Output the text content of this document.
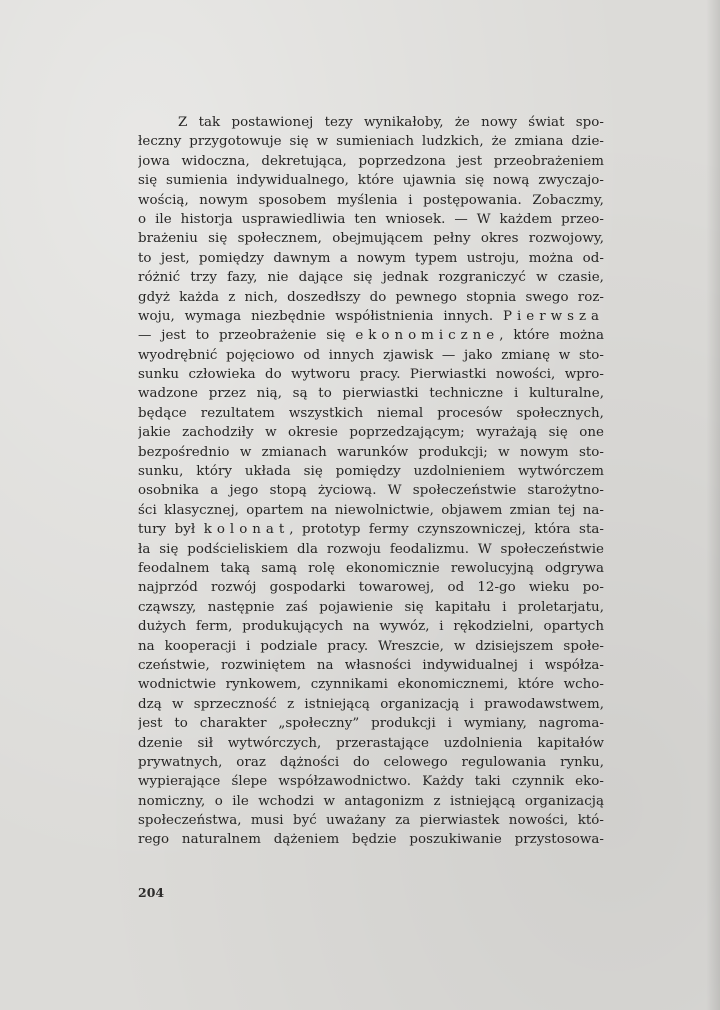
Z tak postawionej tezy wynikałoby, że nowy świat spo-
łeczny przygotowuje się w sumieniach ludzkich, że zmiana dzie-
jowa widoczna, dekretująca, poprzedzona jest przeobrażeniem
się sumienia indywidualnego, które ujawnia się nową zwyczajo-
wością, nowym sposobem myślenia i postępowania. Zobaczmy,
o ile historja usprawiedliwia ten wniosek. — W każdem przeo-
brażeniu się społecznem, obejmującem pełny okres rozwojowy,
to jest, pomiędzy dawnym a nowym typem ustroju, można od-
różnić trzy fazy, nie dające się jednak rozgraniczyć w czasie,
gdyż każda z nich, doszedłszy do pewnego stopnia swego roz-
woju, wymaga niezbędnie współistnienia innych. Pierwsza
— jest to przeobrażenie się ekonomiczne, które można
wyodrębnić pojęciowo od innych zjawisk — jako zmianę w sto-
sunku człowieka do wytworu pracy. Pierwiastki nowości, wpro-
wadzone przez nią, są to pierwiastki techniczne i kulturalne,
będące rezultatem wszystkich niemal procesów społecznych,
jakie zachodziły w okresie poprzedzającym; wyrażają się one
bezpośrednio w zmianach warunków produkcji; w nowym sto-
sunku, który układa się pomiędzy uzdolnieniem wytwórczem
osobnika a jego stopą życiową. W społeczeństwie starożytno-
ści klasycznej, opartem na niewolnictwie, objawem zmian tej na-
tury był kolonat, prototyp fermy czynszowniczej, która sta-
ła się podścieliskiem dla rozwoju feodalizmu. W społeczeństwie
feodalnem taką samą rolę ekonomicznie rewolucyjną odgrywa
najprzód rozwój gospodarki towarowej, od 12-go wieku po-
cząwszy, następnie zaś pojawienie się kapitału i proletarjatu,
dużych ferm, produkujących na wywóz, i rękodzielni, opartych
na kooperacji i podziale pracy. Wreszcie, w dzisiejszem społe-
czeństwie, rozwiniętem na własności indywidualnej i współza-
wodnictwie rynkowem, czynnikami ekonomicznemi, które wcho-
dzą w sprzeczność z istniejącą organizacją i prawodawstwem,
jest to charakter „społeczny” produkcji i wymiany, nagroma-
dzenie sił wytwórczych, przerastające uzdolnienia kapitałów
prywatnych, oraz dążności do celowego regulowania rynku,
wypierające ślepe współzawodnictwo. Każdy taki czynnik eko-
nomiczny, o ile wchodzi w antagonizm z istniejącą organizacją
społeczeństwa, musi być uważany za pierwiastek nowości, któ-
rego naturalnem dążeniem będzie poszukiwanie przystosowa-
204
